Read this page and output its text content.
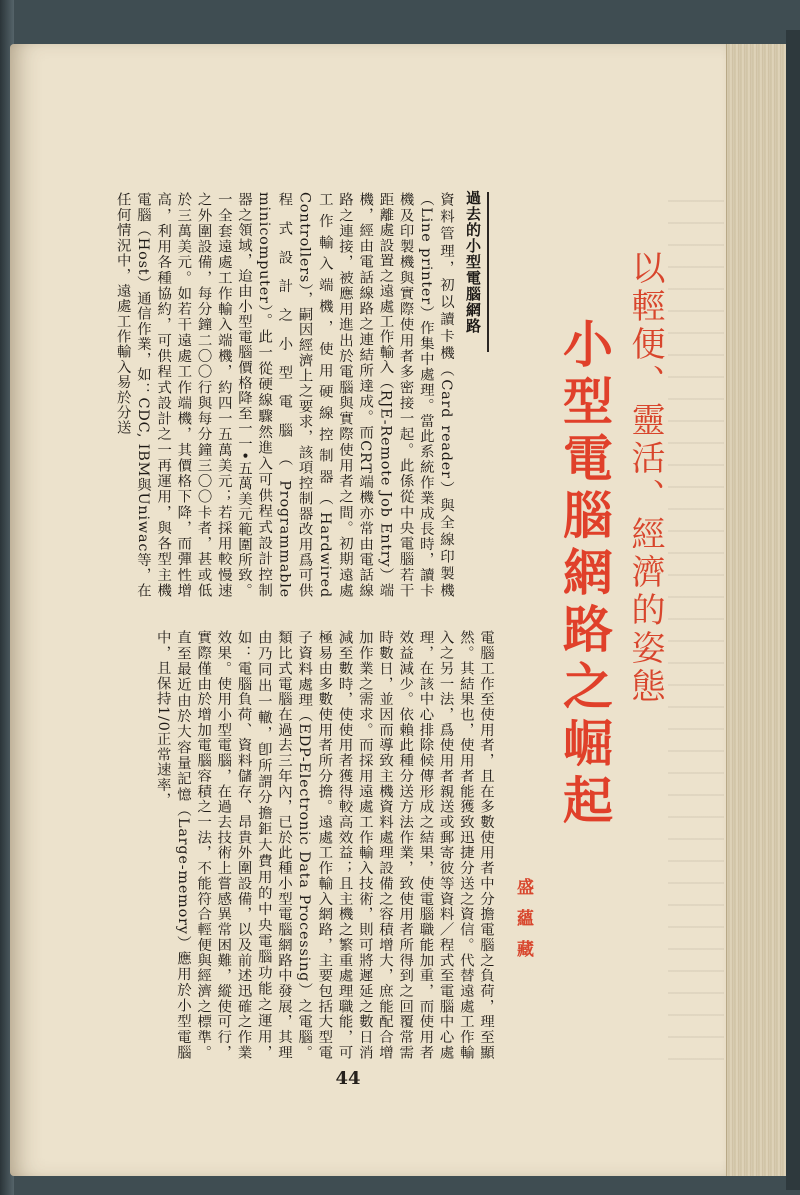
過去的小型電腦網路
資料管理，初以讀卡機（Card reader）與全線印製機（Line printer）作集中處理。當此系統作業成長時，讀卡機及印製機與實際使用者多密接一起。此係從中央電腦若干距離處設置之遠處工作輸入（RJE-Remote Job Entry）端機，經由電話線路之連結所達成。而CRT端機亦常由電話線路之連接，被應用進出於電腦與實際使用者之間。初期遠處工作輸入端機，使用硬線控制器（Hardwired Controllers），嗣因經濟上之要求，該項控制器改用爲可供程式設計之小型電腦（Programmable minicomputer）。此一從硬線驟然進入可供程式設計控制器之領域，迨由小型電腦價格降至一一•五萬美元範圍所致。一全套遠處工作輸入端機，約四一五萬美元；若採用較慢速之外圍設備，每分鐘二〇〇行與每分鐘三〇〇卡者，甚或低於三萬美元。如若干遠處工作端機，其價格下降，而彈性增高，利用各種協約，可供程式設計之一再運用，與各型主機電腦（Host）通信作業，如：CDC, IBM與Uniwac等，在任何情況中，遠處工作輸入易於分送
電腦工作至使用者，且在多數使用者中分擔電腦之負荷，理至顯然。其結果也，使用者能獲致迅捷分送之資信。代替遠處工作輸入之另一法，爲使用者親送或郵寄彼等資料／程式至電腦中心處理，在該中心排除候傳形成之結果，使電腦職能加重，而使用者效益減少。依賴此種分送方法作業，致使用者所得到之回覆常需時數日，並因而導致主機資料處理設備之容積增大，庶能配合增加作業之需求。而採用遠處工作輸入技術，則可將遲延之數日消減至數時，使使用者獲得較高效益；且主機之繁重處理職能，可極易由多數使用者所分擔。遠處工作輸入網路，主要包括大型電子資料處理（EDP-Electronic Data Processing）之電腦。類比式電腦在過去三年內，已於此種小型電腦網路中發展，其理由乃同出一轍，卽所謂分擔鉅大費用的中央電腦功能之運用，如：電腦負荷、資料儲存、昂貴外圍設備，以及前述迅確之作業效果。使用小型電腦，在過去技術上嘗感異常困難，縱使可行，實際僅由於增加電腦容積之一法，不能符合輕便與經濟之標準。直至最近由於大容量記憶（Large-memory）應用於小型電腦中，且保持1/0正常速率，
以輕便、靈活、經濟的姿態
小型電腦網路之崛起
盛蘊藏
44
